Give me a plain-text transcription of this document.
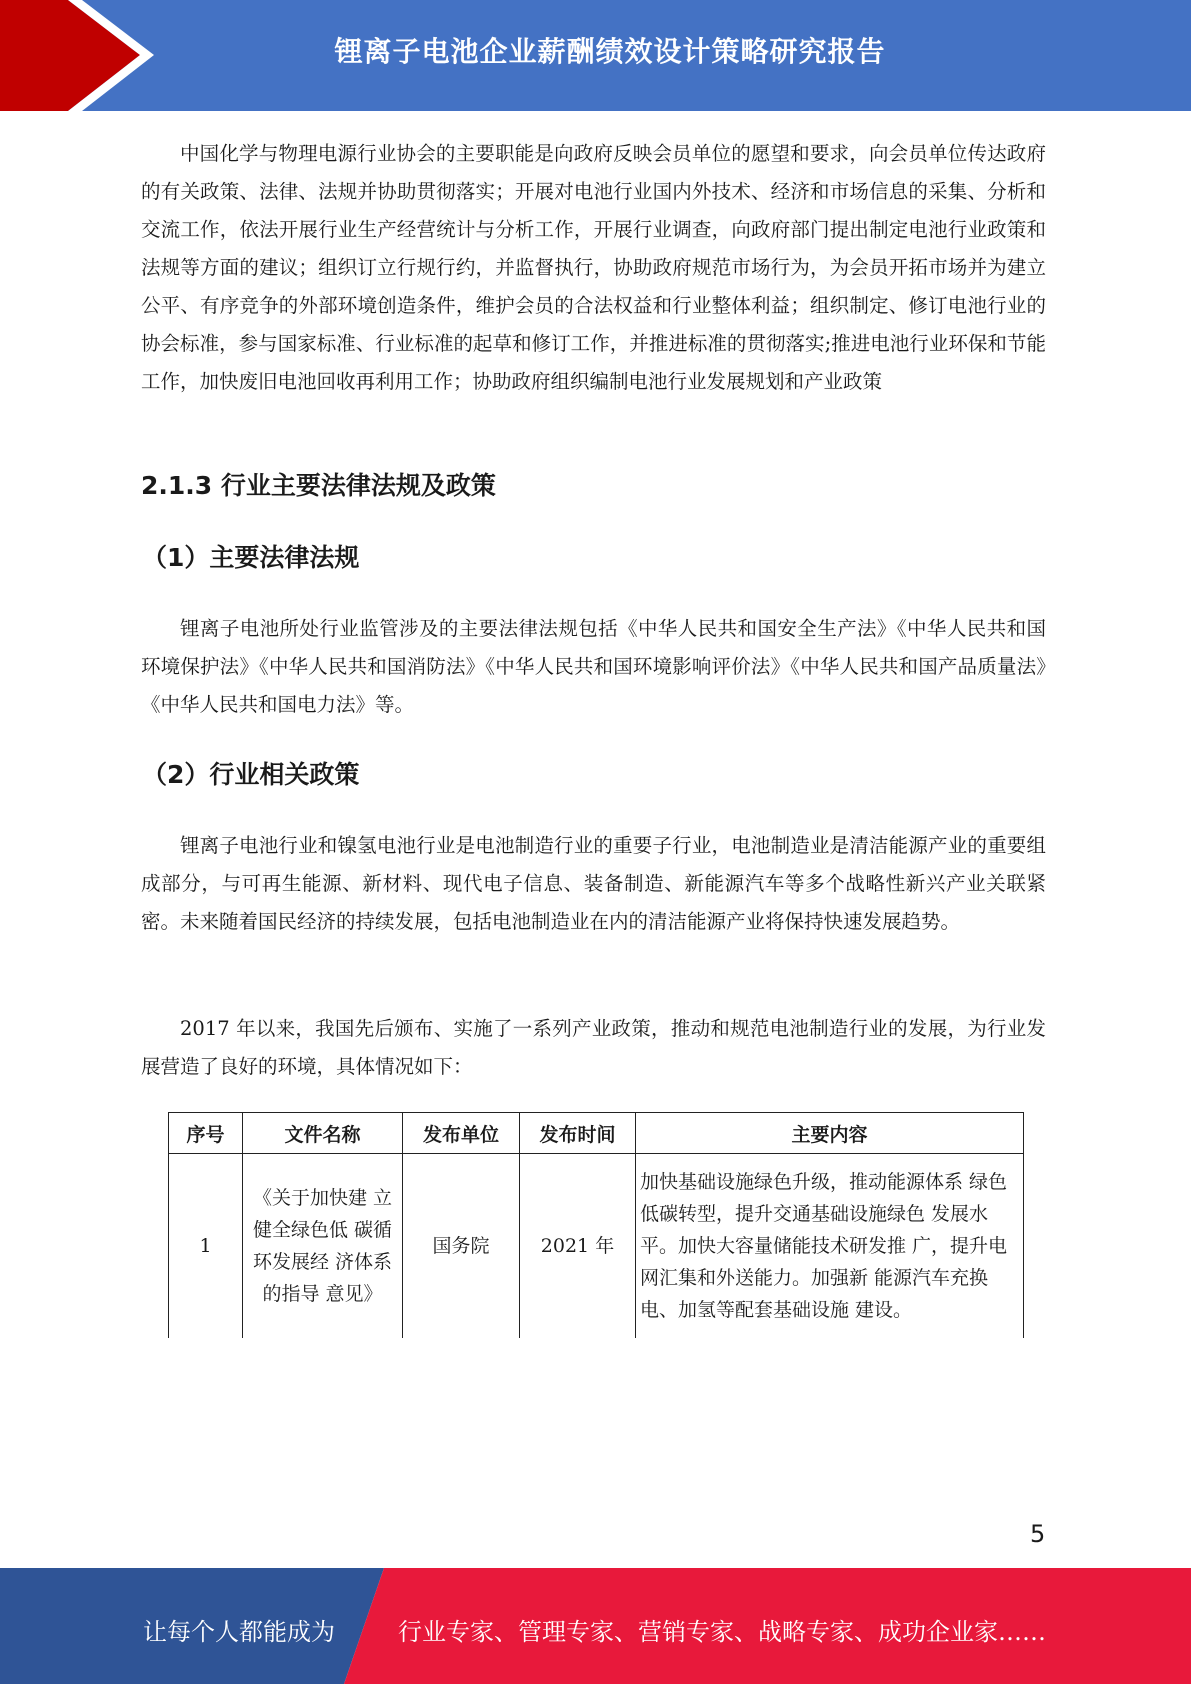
锂离子电池企业薪酬绩效设计策略研究报告

中国化学与物理电源行业协会的主要职能是向政府反映会员单位的愿望和要求，向会员单位传达政府的有关政策、法律、法规并协助贯彻落实；开展对电池行业国内外技术、经济和市场信息的采集、分析和交流工作，依法开展行业生产经营统计与分析工作，开展行业调查，向政府部门提出制定电池行业政策和法规等方面的建议；组织订立行规行约，并监督执行，协助政府规范市场行为，为会员开拓市场并为建立公平、有序竞争的外部环境创造条件，维护会员的合法权益和行业整体利益；组织制定、修订电池行业的协会标准，参与国家标准、行业标准的起草和修订工作，并推进标准的贯彻落实;推进电池行业环保和节能工作，加快废旧电池回收再利用工作；协助政府组织编制电池行业发展规划和产业政策

2.1.3 行业主要法律法规及政策
（1）主要法律法规

锂离子电池所处行业监管涉及的主要法律法规包括《中华人民共和国安全生产法》《中华人民共和国环境保护法》《中华人民共和国消防法》《中华人民共和国环境影响评价法》《中华人民共和国产品质量法》《中华人民共和国电力法》等。

（2）行业相关政策

锂离子电池行业和镍氢电池行业是电池制造行业的重要子行业，电池制造业是清洁能源产业的重要组成部分，与可再生能源、新材料、现代电子信息、装备制造、新能源汽车等多个战略性新兴产业关联紧密。未来随着国民经济的持续发展，包括电池制造业在内的清洁能源产业将保持快速发展趋势。

2017 年以来，我国先后颁布、实施了一系列产业政策，推动和规范电池制造行业的发展，为行业发展营造了良好的环境，具体情况如下：

序号	文件名称	发布单位	发布时间	主要内容
1	《关于加快建 立健全绿色低 碳循环发展经 济体系的指导 意见》	国务院	2021 年	加快基础设施绿色升级，推动能源体系 绿色低碳转型，提升交通基础设施绿色 发展水平。加快大容量储能技术研发推 广，提升电网汇集和外送能力。加强新 能源汽车充换电、加氢等配套基础设施 建设。
5
让每个人都能成为	行业专家、管理专家、营销专家、战略专家、成功企业家……
